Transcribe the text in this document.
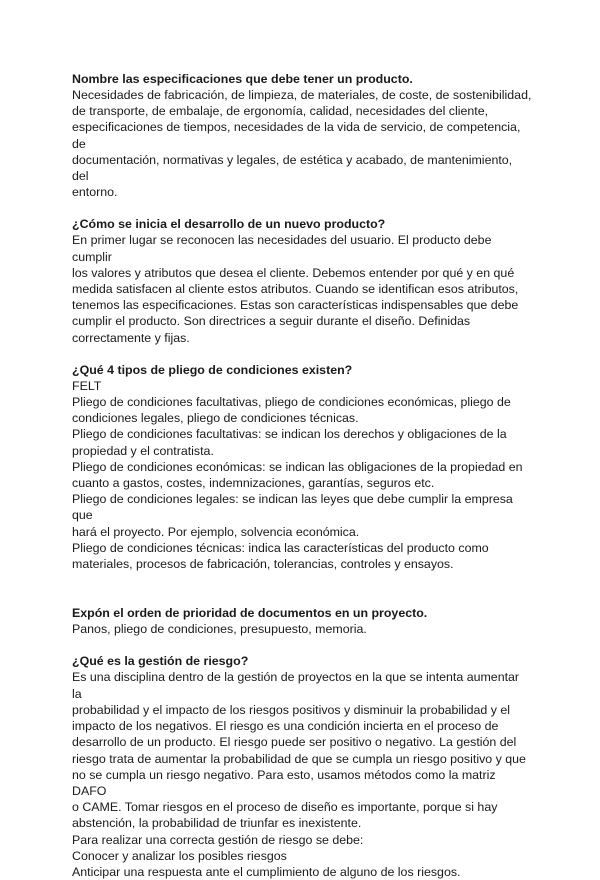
Nombre las especificaciones que debe tener un producto.

Necesidades de fabricación, de limpieza, de materiales, de coste, de sostenibilidad,

de transporte, de embalaje, de ergonomía, calidad, necesidades del cliente,

especificaciones de tiempos, necesidades de la vida de servicio, de competencia, de

documentación, normativas y legales, de estética y acabado, de mantenimiento, del

entorno.

¿Cómo se inicia el desarrollo de un nuevo producto?

En primer lugar se reconocen las necesidades del usuario. El producto debe cumplir

los valores y atributos que desea el cliente. Debemos entender por qué y en qué

medida satisfacen al cliente estos atributos. Cuando se identifican esos atributos,

tenemos las especificaciones. Estas son características indispensables que debe

cumplir el producto. Son directrices a seguir durante el diseño. Definidas

correctamente y fijas.

¿Qué 4 tipos de pliego de condiciones existen?

FELT

Pliego de condiciones facultativas, pliego de condiciones económicas, pliego de

condiciones legales, pliego de condiciones técnicas.

Pliego de condiciones facultativas: se indican los derechos y obligaciones de la

propiedad y el contratista.

Pliego de condiciones económicas: se indican las obligaciones de la propiedad en

cuanto a gastos, costes, indemnizaciones, garantías, seguros etc.

Pliego de condiciones legales: se indican las leyes que debe cumplir la empresa que

hará el proyecto. Por ejemplo, solvencia económica.

Pliego de condiciones técnicas: indica las características del producto como

materiales, procesos de fabricación, tolerancias, controles y ensayos.

Expón el orden de prioridad de documentos en un proyecto.

Panos, pliego de condiciones, presupuesto, memoria.

¿Qué es la gestión de riesgo?

Es una disciplina dentro de la gestión de proyectos en la que se intenta aumentar la

probabilidad y el impacto de los riesgos positivos y disminuir la probabilidad y el

impacto de los negativos. El riesgo es una condición incierta en el proceso de

desarrollo de un producto. El riesgo puede ser positivo o negativo. La gestión del

riesgo trata de aumentar la probabilidad de que se cumpla un riesgo positivo y que

no se cumpla un riesgo negativo. Para esto, usamos métodos como la matriz DAFO

o CAME. Tomar riesgos en el proceso de diseño es importante, porque si hay

abstención, la probabilidad de triunfar es inexistente.

Para realizar una correcta gestión de riesgo se debe:

Conocer y analizar los posibles riesgos

Anticipar una respuesta ante el cumplimiento de alguno de los riesgos.
